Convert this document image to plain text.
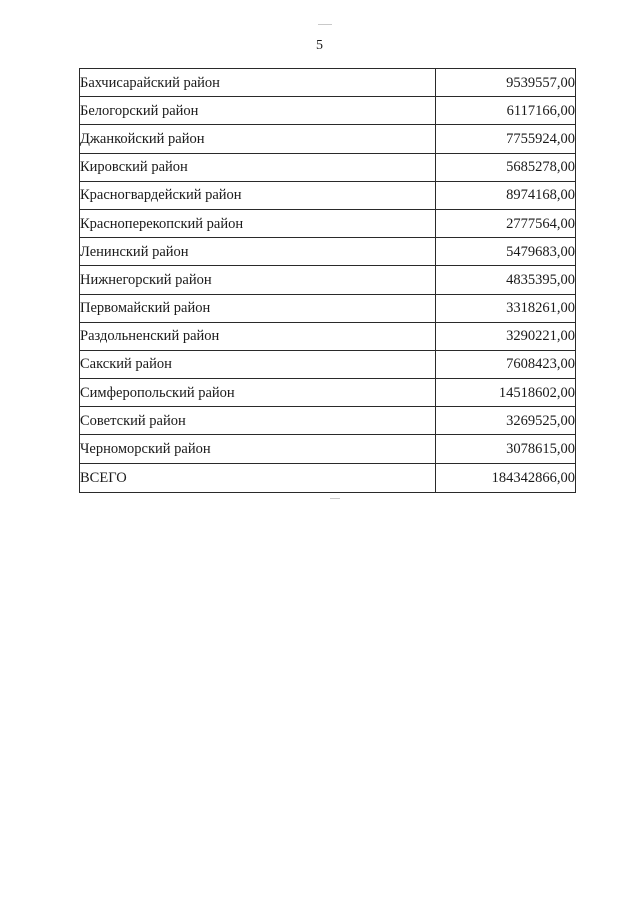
5
Бахчисарайский район	9539557,00
Белогорский район	6117166,00
Джанкойский район	7755924,00
Кировский район	5685278,00
Красногвардейский район	8974168,00
Красноперекопский район	2777564,00
Ленинский район	5479683,00
Нижнегорский район	4835395,00
Первомайский район	3318261,00
Раздольненский район	3290221,00
Сакский район	7608423,00
Симферопольский район	14518602,00
Советский район	3269525,00
Черноморский район	3078615,00
ВСЕГО	184342866,00
